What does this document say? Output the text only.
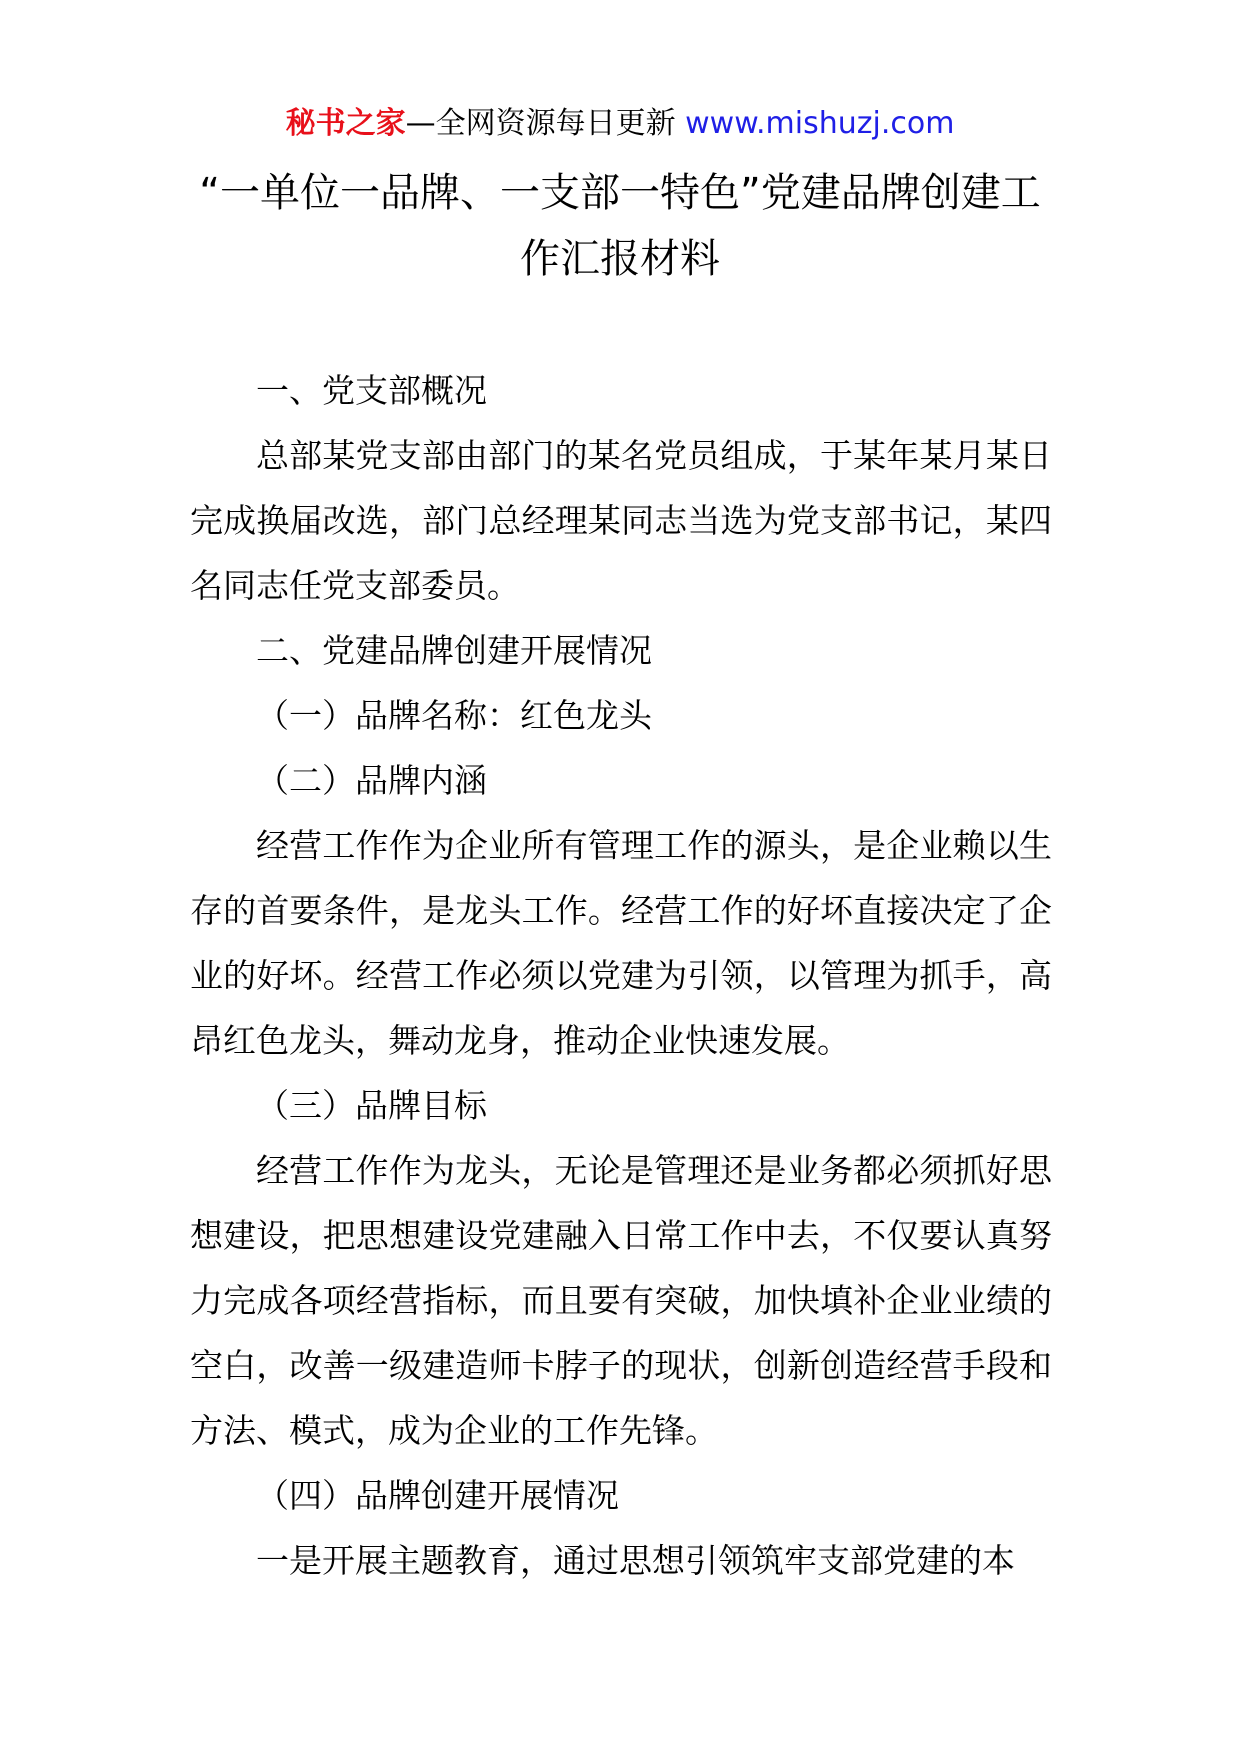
秘书之家—全网资源每日更新 www.mishuzj.com
“一单位一品牌、一支部一特色”党建品牌创建工作汇报材料

一、党支部概况

总部某党支部由部门的某名党员组成，于某年某月某日完成换届改选，部门总经理某同志当选为党支部书记，某四名同志任党支部委员。

二、党建品牌创建开展情况

（一）品牌名称：红色龙头

（二）品牌内涵

经营工作作为企业所有管理工作的源头，是企业赖以生存的首要条件，是龙头工作。经营工作的好坏直接决定了企业的好坏。经营工作必须以党建为引领，以管理为抓手，高昂红色龙头，舞动龙身，推动企业快速发展。

（三）品牌目标

经营工作作为龙头，无论是管理还是业务都必须抓好思想建设，把思想建设党建融入日常工作中去，不仅要认真努力完成各项经营指标，而且要有突破，加快填补企业业绩的空白，改善一级建造师卡脖子的现状，创新创造经营手段和方法、模式，成为企业的工作先锋。

（四）品牌创建开展情况

一是开展主题教育，通过思想引领筑牢支部党建的本
